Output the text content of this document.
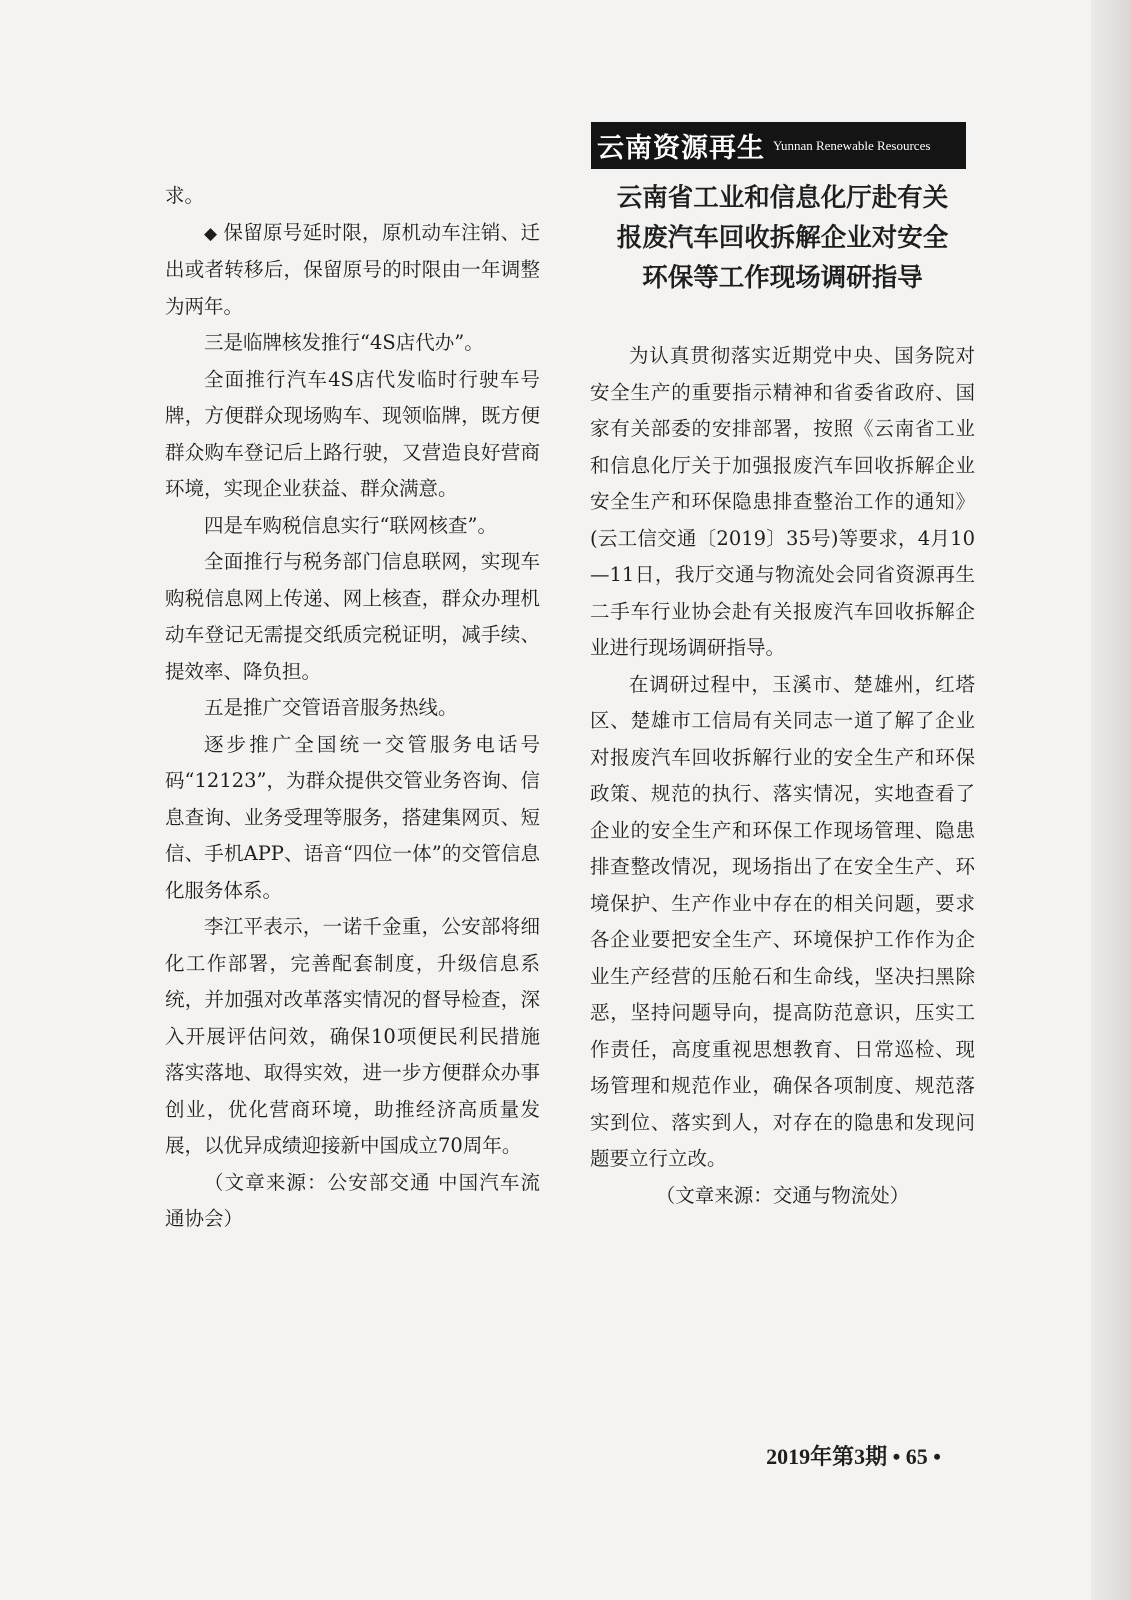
云南资源再生 Yunnan Renewable Resources

求。

◆ 保留原号延时限，原机动车注销、迁出或者转移后，保留原号的时限由一年调整为两年。

三是临牌核发推行“4S店代办”。

全面推行汽车4S店代发临时行驶车号牌，方便群众现场购车、现领临牌，既方便群众购车登记后上路行驶，又营造良好营商环境，实现企业获益、群众满意。

四是车购税信息实行“联网核查”。

全面推行与税务部门信息联网，实现车购税信息网上传递、网上核查，群众办理机动车登记无需提交纸质完税证明，减手续、提效率、降负担。

五是推广交管语音服务热线。

逐步推广全国统一交管服务电话号码“12123”，为群众提供交管业务咨询、信息查询、业务受理等服务，搭建集网页、短信、手机APP、语音“四位一体”的交管信息化服务体系。

李江平表示，一诺千金重，公安部将细化工作部署，完善配套制度，升级信息系统，并加强对改革落实情况的督导检查，深入开展评估问效，确保10项便民利民措施落实落地、取得实效，进一步方便群众办事创业，优化营商环境，助推经济高质量发展，以优异成绩迎接新中国成立70周年。

（文章来源：公安部交通 中国汽车流通协会）

云南省工业和信息化厅赴有关

报废汽车回收拆解企业对安全

环保等工作现场调研指导

为认真贯彻落实近期党中央、国务院对安全生产的重要指示精神和省委省政府、国家有关部委的安排部署，按照《云南省工业和信息化厅关于加强报废汽车回收拆解企业安全生产和环保隐患排查整治工作的通知》(云工信交通〔2019〕35号)等要求，4月10—11日，我厅交通与物流处会同省资源再生二手车行业协会赴有关报废汽车回收拆解企业进行现场调研指导。

在调研过程中，玉溪市、楚雄州，红塔区、楚雄市工信局有关同志一道了解了企业对报废汽车回收拆解行业的安全生产和环保政策、规范的执行、落实情况，实地查看了企业的安全生产和环保工作现场管理、隐患排查整改情况，现场指出了在安全生产、环境保护、生产作业中存在的相关问题，要求各企业要把安全生产、环境保护工作作为企业生产经营的压舱石和生命线，坚决扫黑除恶，坚持问题导向，提高防范意识，压实工作责任，高度重视思想教育、日常巡检、现场管理和规范作业，确保各项制度、规范落实到位、落实到人，对存在的隐患和发现问题要立行立改。

（文章来源：交通与物流处）

2019年第3期 • 65 •
